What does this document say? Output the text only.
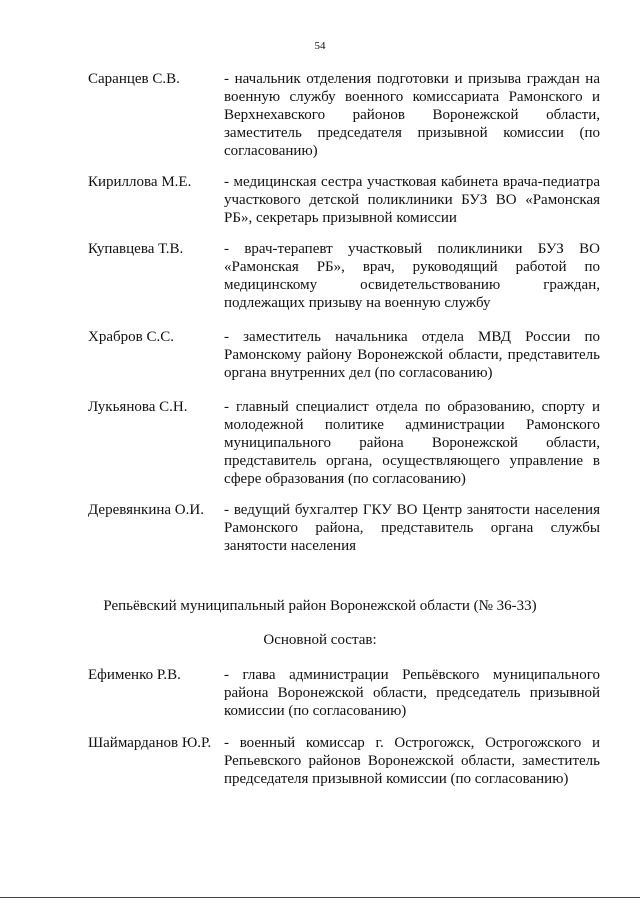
54
Саранцев С.В.	- начальник отделения подготовки и призыва граждан на военную службу военного комиссариата Рамонского и Верхнехавского районов Воронежской области, заместитель председателя призывной комиссии (по согласованию)
Кириллова М.Е. - медицинская сестра участковая кабинета врача-педиатра участкового детской поликлиники БУЗ ВО «Рамонская РБ», секретарь призывной комиссии
Купавцева Т.В.	- врач-терапевт участковый поликлиники БУЗ ВО «Рамонская РБ», врач, руководящий работой по медицинскому освидетельствованию граждан, подлежащих призыву на военную службу
Храбров С.С.	- заместитель начальника отдела МВД России по Рамонскому району Воронежской области, представитель органа внутренних дел (по согласованию)
Лукьянова С.Н. - главный специалист отдела по образованию, спорту и молодежной политике администрации Рамонского муниципального района Воронежской области, представитель органа, осуществляющего управление в сфере образования (по согласованию)
Деревянкина О.И. - ведущий бухгалтер ГКУ ВО Центр занятости населения Рамонского района, представитель органа службы занятости населения
Репьёвский муниципальный район Воронежской области (№ 36-33)
Основной состав:
Ефименко Р.В.	- глава администрации Репьёвского муниципального района Воронежской области, председатель призывной комиссии (по согласованию)
Шаймарданов Ю.Р. - военный комиссар г. Острогожск, Острогожского и Репьевского районов Воронежской области, заместитель председателя призывной комиссии (по согласованию)
